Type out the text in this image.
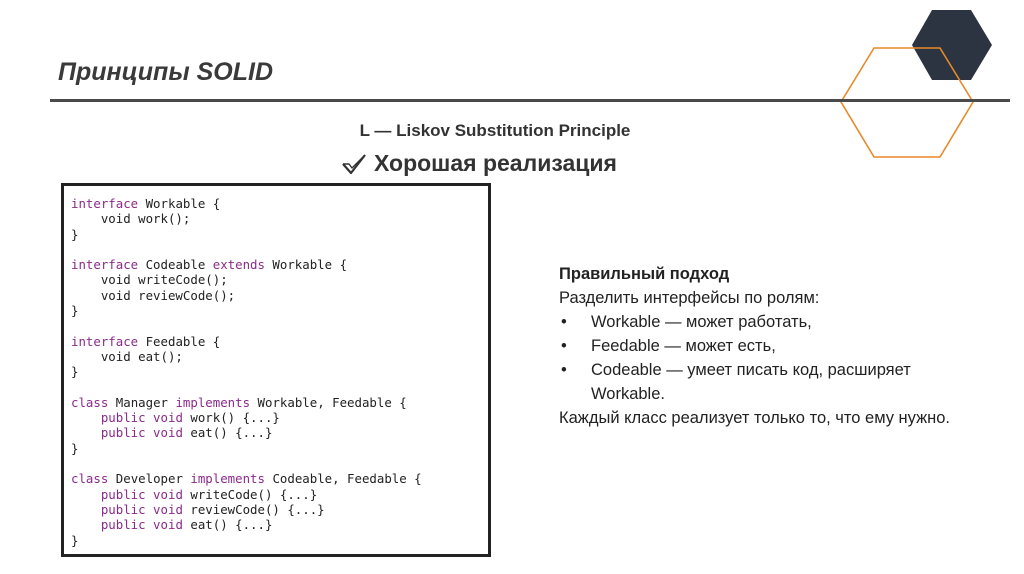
Принципы SOLID
L — Liskov Substitution Principle
Хорошая реализация
interface Workable {
void work();
}

interface Codeable extends Workable {
void writeCode();
void reviewCode();
}

interface Feedable {
void eat();
}

class Manager implements Workable, Feedable {
public void work() {...}
public void eat() {...}
}

class Developer implements Codeable, Feedable {
public void writeCode() {...}
public void reviewCode() {...}
public void eat() {...}
}
Правильный подход
Разделить интерфейсы по ролям:
• Workable — может работать,
• Feedable — может есть,
• Codeable — умеет писать код, расширяет Workable.
Каждый класс реализует только то, что ему нужно.
